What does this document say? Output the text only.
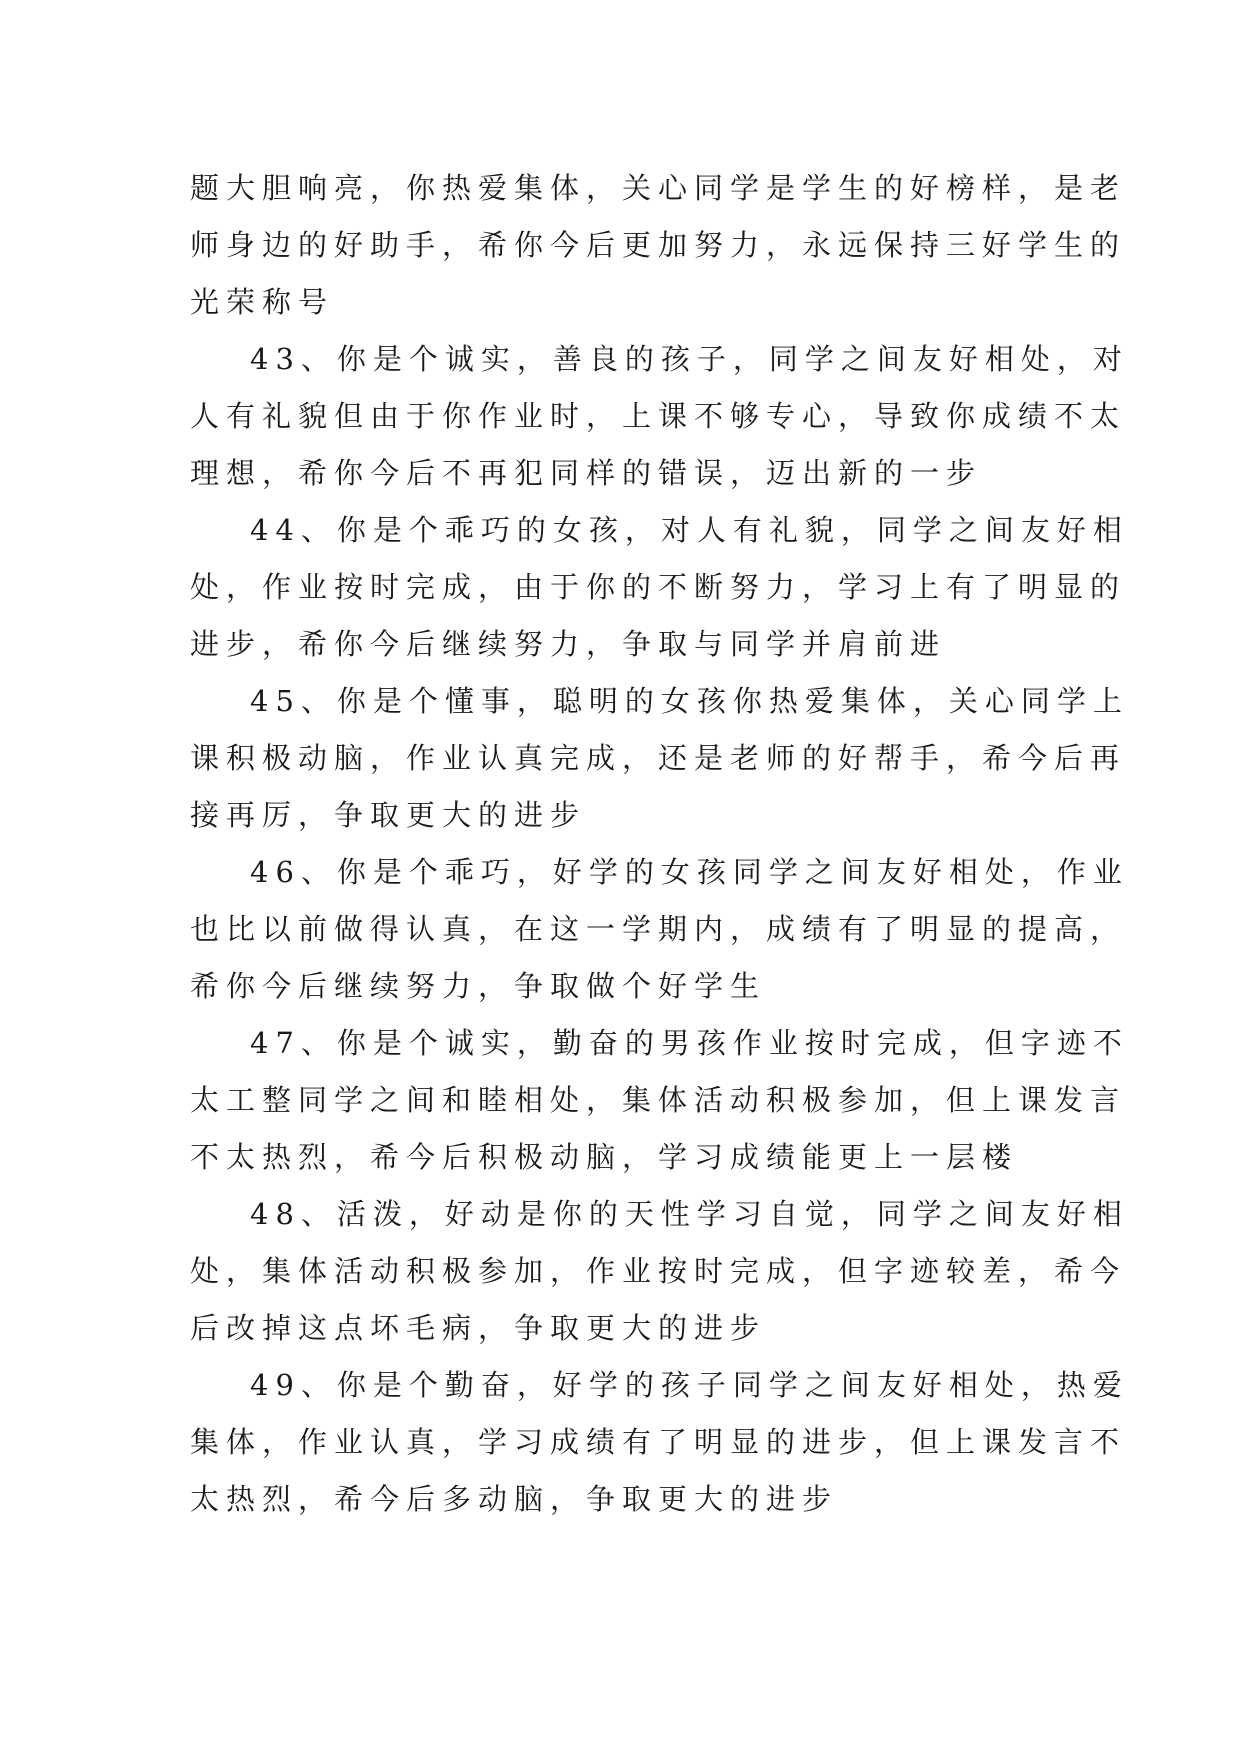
题大胆响亮，你热爱集体，关心同学是学生的好榜样，是老
师身边的好助手，希你今后更加努力，永远保持三好学生的
光荣称号

43、你是个诚实，善良的孩子，同学之间友好相处，对
人有礼貌但由于你作业时，上课不够专心，导致你成绩不太
理想，希你今后不再犯同样的错误，迈出新的一步

44、你是个乖巧的女孩，对人有礼貌，同学之间友好相
处，作业按时完成，由于你的不断努力，学习上有了明显的
进步，希你今后继续努力，争取与同学并肩前进

45、你是个懂事，聪明的女孩你热爱集体，关心同学上
课积极动脑，作业认真完成，还是老师的好帮手，希今后再
接再厉，争取更大的进步

46、你是个乖巧，好学的女孩同学之间友好相处，作业
也比以前做得认真，在这一学期内，成绩有了明显的提高，
希你今后继续努力，争取做个好学生

47、你是个诚实，勤奋的男孩作业按时完成，但字迹不
太工整同学之间和睦相处，集体活动积极参加，但上课发言
不太热烈，希今后积极动脑，学习成绩能更上一层楼

48、活泼，好动是你的天性学习自觉，同学之间友好相
处，集体活动积极参加，作业按时完成，但字迹较差，希今
后改掉这点坏毛病，争取更大的进步

49、你是个勤奋，好学的孩子同学之间友好相处，热爱
集体，作业认真，学习成绩有了明显的进步，但上课发言不
太热烈，希今后多动脑，争取更大的进步
